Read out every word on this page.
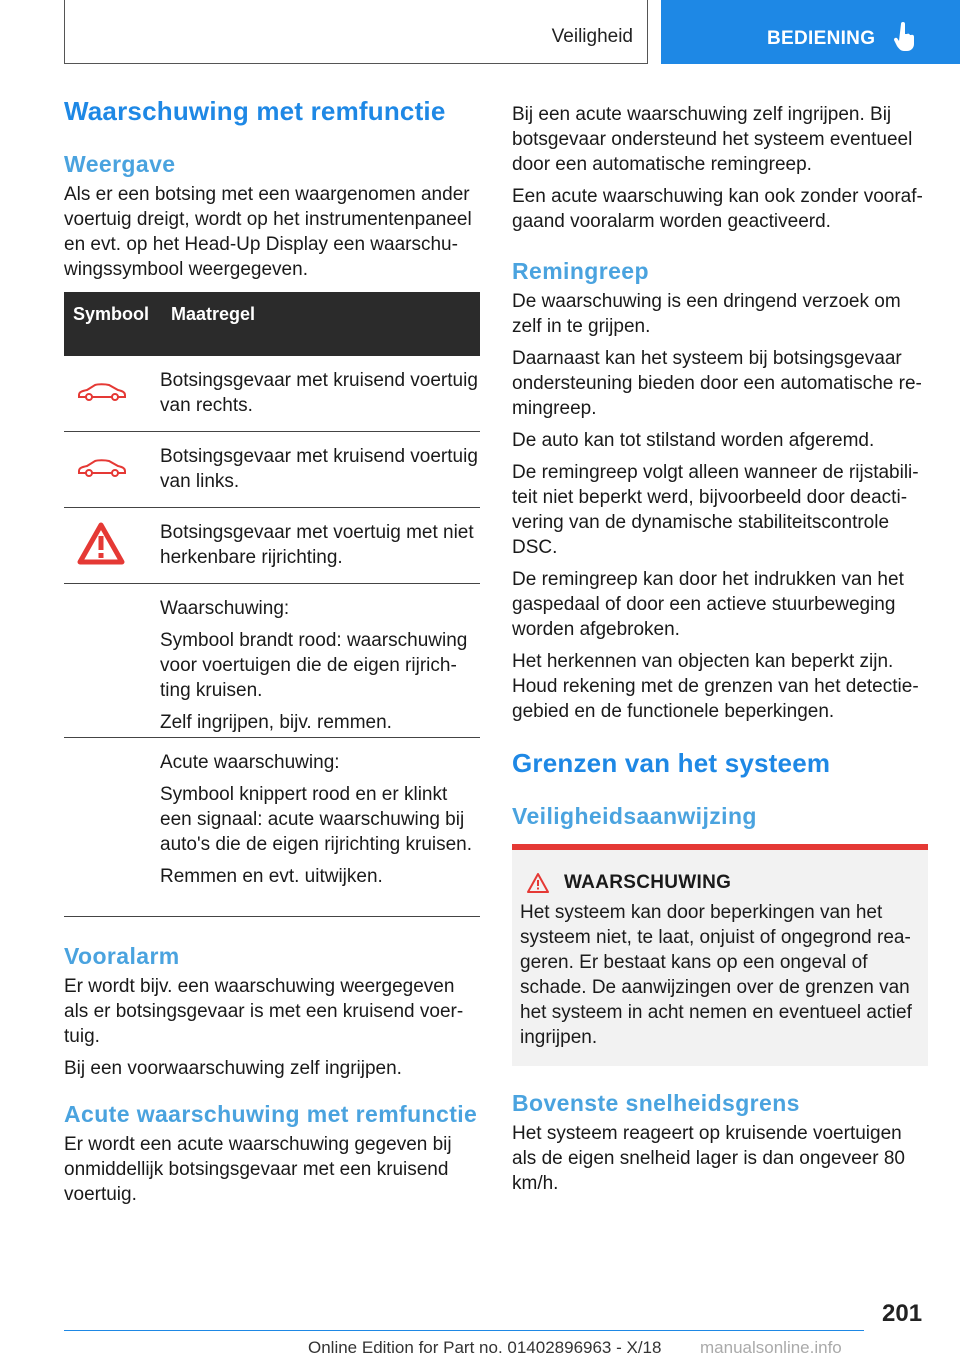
Veiligheid	BEDIENING
Waarschuwing met remfunctie
Weergave

Als er een botsing met een waargenomen ander voertuig dreigt, wordt op het instrumentenpaneel en evt. op het Head-Up Display een waarschuwingssymbool weergegeven.

Symbool	Maatregel

Botsingsgevaar met kruisend voertuig van rechts.

Botsingsgevaar met kruisend voertuig van links.

Botsingsgevaar met voertuig met niet herkenbare rijrichting.

Waarschuwing:

Symbool brandt rood: waarschuwing voor voertuigen die de eigen rijrichting kruisen.

Zelf ingrijpen, bijv. remmen.

Acute waarschuwing:

Symbool knippert rood en er klinkt een signaal: acute waarschuwing bij auto's die de eigen rijrichting kruisen.

Remmen en evt. uitwijken.

Vooralarm

Er wordt bijv. een waarschuwing weergegeven als er botsingsgevaar is met een kruisend voertuig.

Bij een voorwaarschuwing zelf ingrijpen.

Acute waarschuwing met remfunctie

Er wordt een acute waarschuwing gegeven bij onmiddellijk botsingsgevaar met een kruisend voertuig.

Bij een acute waarschuwing zelf ingrijpen. Bij botsgevaar ondersteund het systeem eventueel door een automatische remingreep.

Een acute waarschuwing kan ook zonder voorafgaand vooralarm worden geactiveerd.

Remingreep

De waarschuwing is een dringend verzoek om zelf in te grijpen.

Daarnaast kan het systeem bij botsingsgevaar ondersteuning bieden door een automatische remingreep.

De auto kan tot stilstand worden afgeremd.

De remingreep volgt alleen wanneer de rijstabiliteit niet beperkt werd, bijvoorbeeld door deactivering van de dynamische stabiliteitscontrole DSC.

De remingreep kan door het indrukken van het gaspedaal of door een actieve stuurbeweging worden afgebroken.

Het herkennen van objecten kan beperkt zijn. Houd rekening met de grenzen van het detectiegebied en de functionele beperkingen.

Grenzen van het systeem
Veiligheidsaanwijzing
WAARSCHUWING

Het systeem kan door beperkingen van het systeem niet, te laat, onjuist of ongegrond reageren. Er bestaat kans op een ongeval of schade. De aanwijzingen over de grenzen van het systeem in acht nemen en eventueel actief ingrijpen.

Bovenste snelheidsgrens

Het systeem reageert op kruisende voertuigen als de eigen snelheid lager is dan ongeveer 80 km/h.

201
Online Edition for Part no. 01402896963 - X/18 manualsonline.info
